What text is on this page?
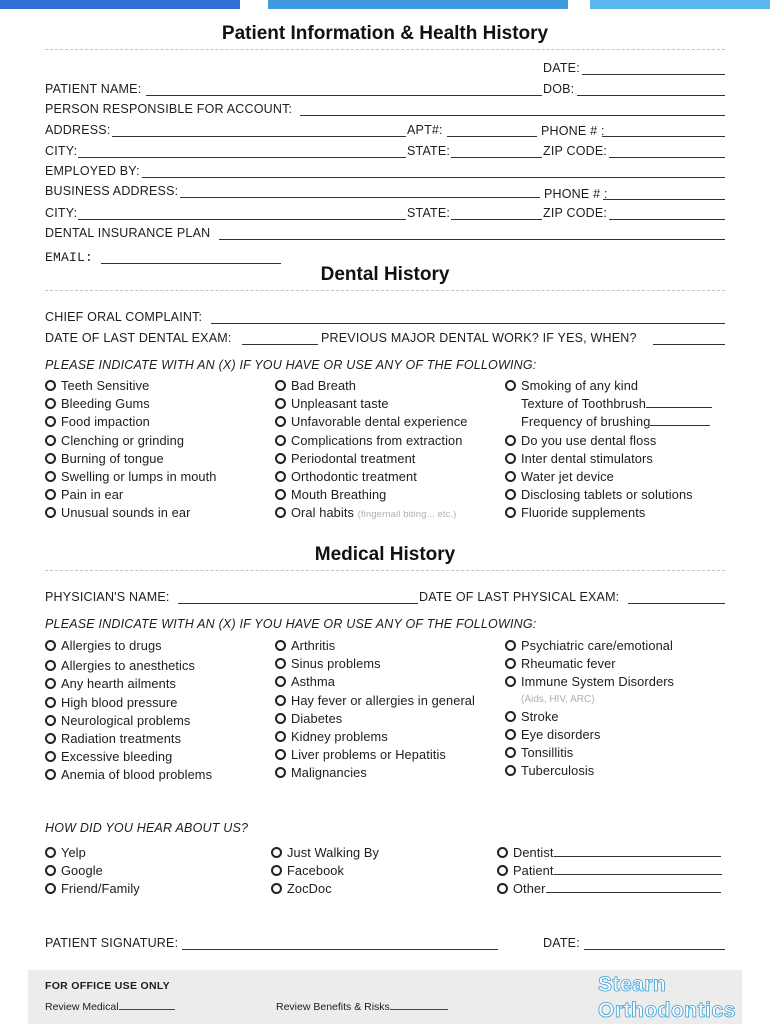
Patient Information & Health History
DATE:
PATIENT NAME:	DOB:
PERSON RESPONSIBLE FOR ACCOUNT:
ADDRESS:	APT#:	PHONE # :
CITY:	STATE:	ZIP CODE:
EMPLOYED BY:
BUSINESS ADDRESS:	PHONE # :
CITY:	STATE:	ZIP CODE:
DENTAL INSURANCE PLAN
EMAIL:
Dental History
CHIEF ORAL COMPLAINT:
DATE OF LAST DENTAL EXAM:	PREVIOUS MAJOR DENTAL WORK? IF YES, WHEN?
PLEASE INDICATE WITH AN (X) IF YOU HAVE OR USE ANY OF THE FOLLOWING:
Teeth Sensitive
Bleeding Gums
Food impaction
Clenching or grinding
Burning of tongue
Swelling or lumps in mouth
Pain in ear
Unusual sounds in ear
Bad Breath
Unpleasant taste
Unfavorable dental experience
Complications from extraction
Periodontal treatment
Orthodontic treatment
Mouth Breathing
Oral habits (fingernail biting... etc.)
Smoking of any kind
Texture of Toothbrush
Frequency of brushing
Do you use dental floss
Inter dental stimulators
Water jet device
Disclosing tablets or solutions
Fluoride supplements
Medical History
PHYSICIAN'S NAME:	DATE OF LAST PHYSICAL EXAM:
PLEASE INDICATE WITH AN (X) IF YOU HAVE OR USE ANY OF THE FOLLOWING:
Allergies to drugs
Allergies to anesthetics
Any hearth ailments
High blood pressure
Neurological problems
Radiation treatments
Excessive bleeding
Anemia of blood problems
Arthritis
Sinus problems
Asthma
Hay fever or allergies in general
Diabetes
Kidney problems
Liver problems or Hepatitis
Malignancies
Psychiatric care/emotional
Rheumatic fever
Immune System Disorders
(Aids, HIV, ARC)
Stroke
Eye disorders
Tonsillitis
Tuberculosis
HOW DID YOU HEAR ABOUT US?
Yelp
Google
Friend/Family
Just Walking By
Facebook
ZocDoc
Dentist
Patient
Other
PATIENT SIGNATURE:	DATE:
FOR OFFICE USE ONLY
Review Medical	Review Benefits & Risks
Stearn
Orthodontics
